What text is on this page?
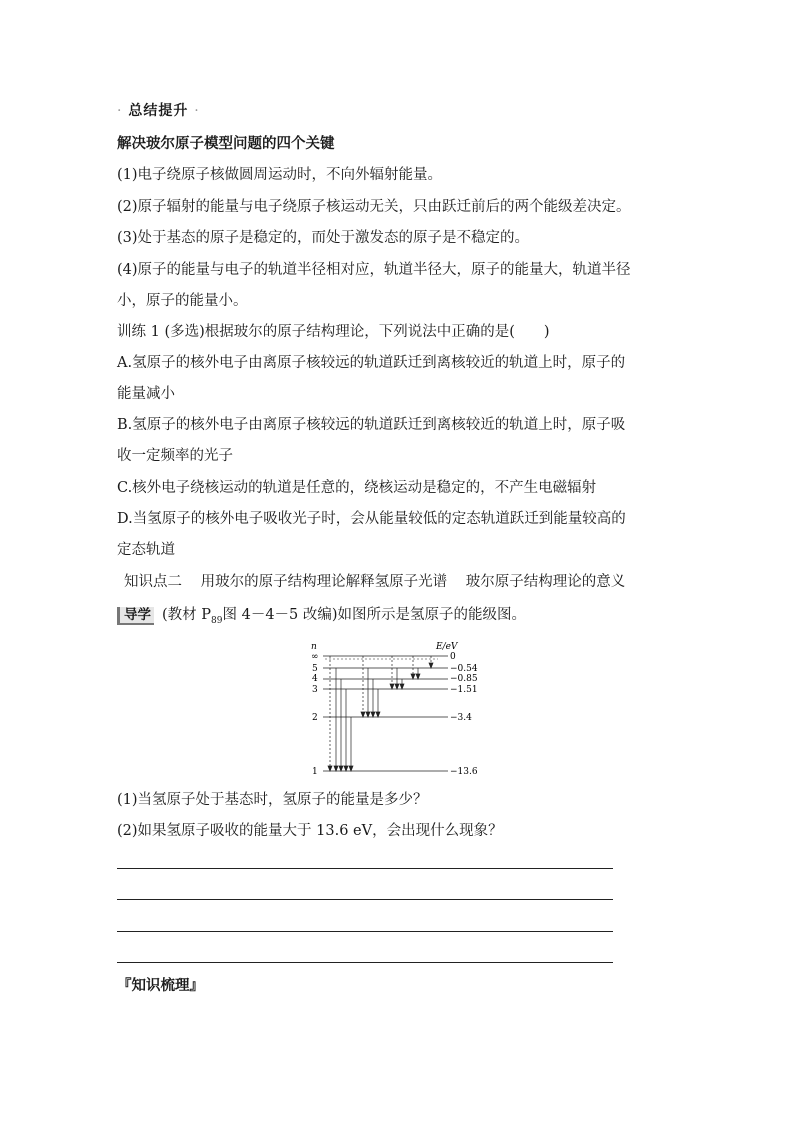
· 总结提升 ·
解决玻尔原子模型问题的四个关键
(1)电子绕原子核做圆周运动时，不向外辐射能量。
(2)原子辐射的能量与电子绕原子核运动无关，只由跃迁前后的两个能级差决定。
(3)处于基态的原子是稳定的，而处于激发态的原子是不稳定的。
(4)原子的能量与电子的轨道半径相对应，轨道半径大，原子的能量大，轨道半径
小，原子的能量小。
训练 1 (多选)根据玻尔的原子结构理论，下列说法中正确的是(　　)
A.氢原子的核外电子由离原子核较远的轨道跃迁到离核较近的轨道上时，原子的
能量减小
B.氢原子的核外电子由离原子核较远的轨道跃迁到离核较近的轨道上时，原子吸
收一定频率的光子
C.核外电子绕核运动的轨道是任意的，绕核运动是稳定的，不产生电磁辐射
D.当氢原子的核外电子吸收光子时，会从能量较低的定态轨道跃迁到能量较高的
定态轨道
知识点二 用玻尔的原子结构理论解释氢原子光谱 玻尔原子结构理论的意义
导学 (教材 $P_{89}$图 4－4－5 改编)如图所示是氢原子的能级图。
n	E/eV
∞
5
4
3
2
1
0
−0.54
−0.85
−1.51
−3.4
−13.6
(1)当氢原子处于基态时，氢原子的能量是多少？
(2)如果氢原子吸收的能量大于 13.6 eV，会出现什么现象？
『知识梳理』
